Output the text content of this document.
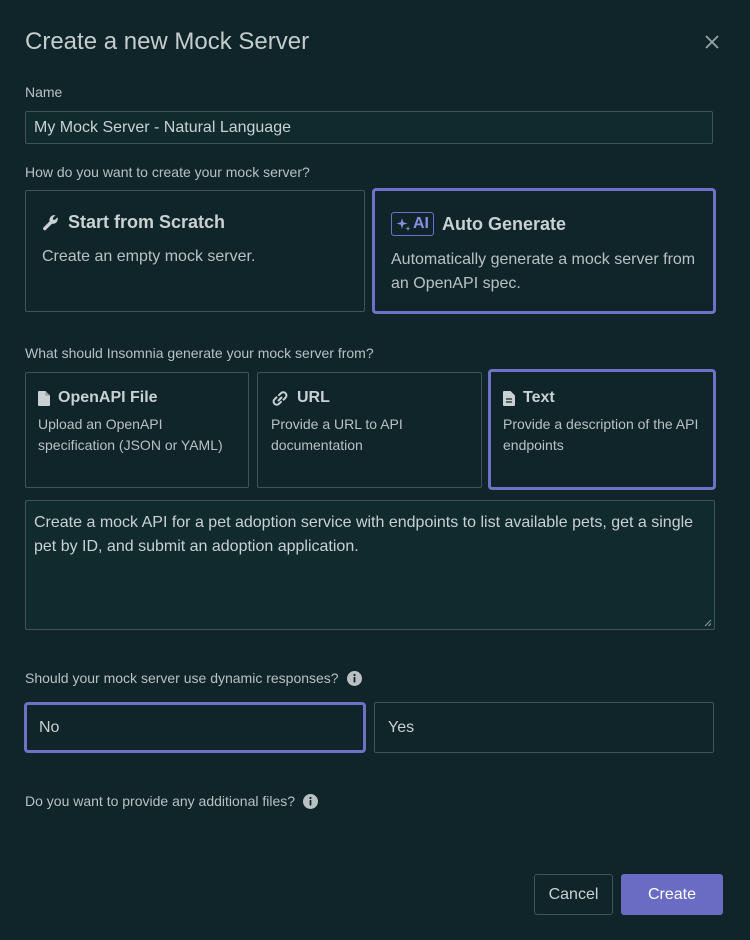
Create a new Mock Server
Name
My Mock Server - Natural Language
How do you want to create your mock server?
Start from Scratch
Create an empty mock server.
AI Auto Generate
Automatically generate a mock server from an OpenAPI spec.
What should Insomnia generate your mock server from?
OpenAPI File
Upload an OpenAPI specification (JSON or YAML)
URL
Provide a URL to API documentation
Text
Provide a description of the API endpoints
Create a mock API for a pet adoption service with endpoints to list available pets, get a single pet by ID, and submit an adoption application.
Should your mock server use dynamic responses?
No	Yes
Do you want to provide any additional files?
Cancel	Create
